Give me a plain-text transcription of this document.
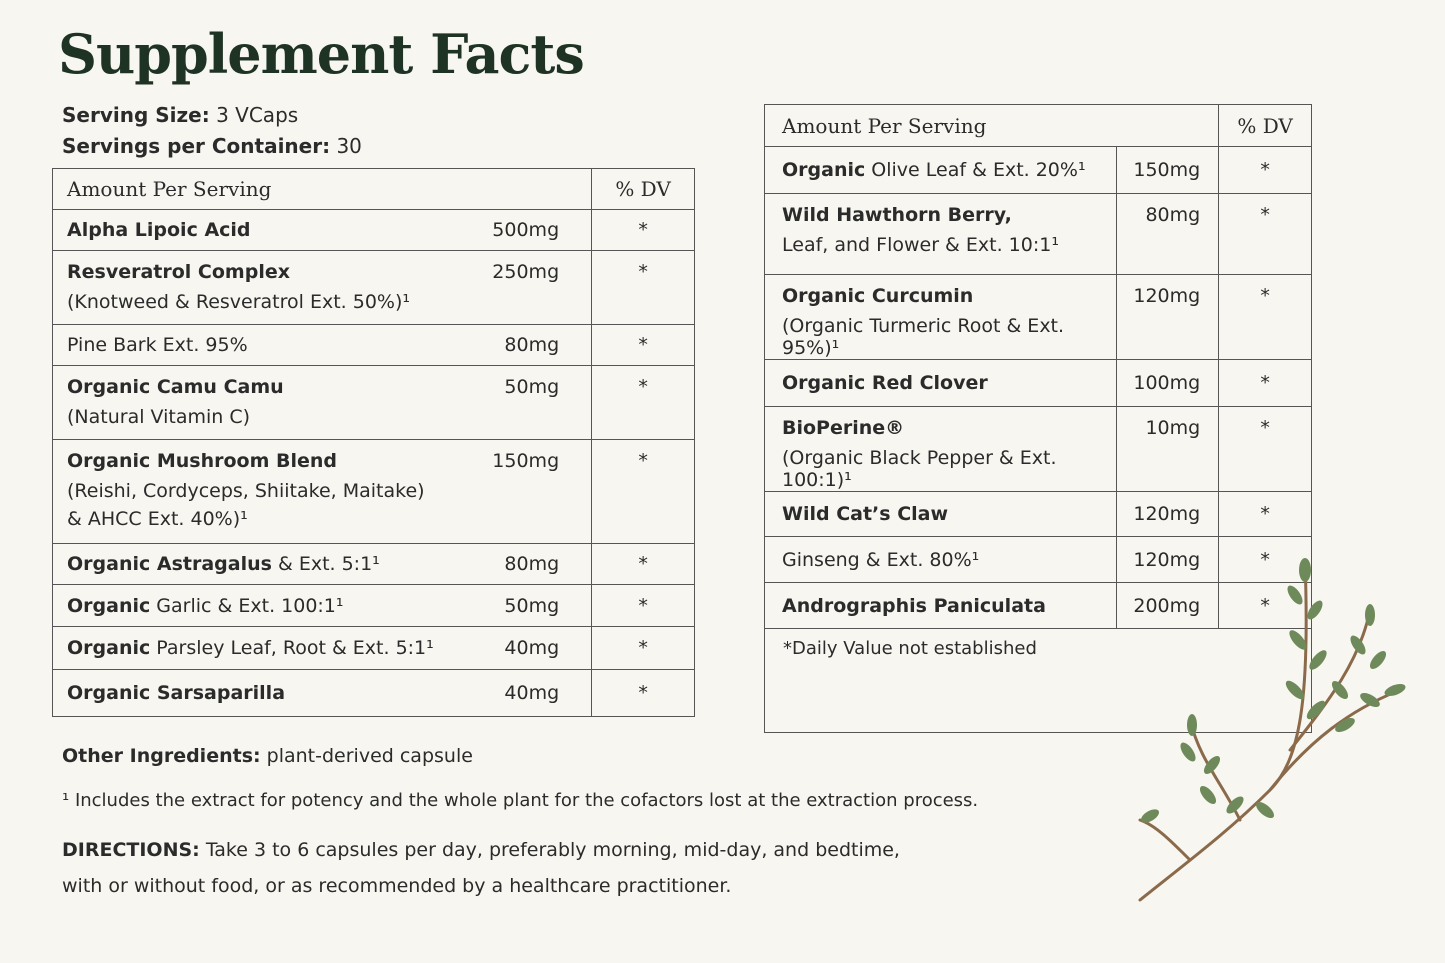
Supplement Facts
Serving Size: 3 VCaps
Servings per Container: 30
Amount Per Serving	% DV

Alpha Lipoic Acid 500mg	*

Resveratrol Complex
(Knotweed & Resveratrol Ext. 50%)¹
250mg	*

Pine Bark Ext. 95% 80mg	*

Organic Camu Camu
(Natural Vitamin C)
50mg	*

Organic Mushroom Blend
(Reishi, Cordyceps, Shiitake, Maitake)
& AHCC Ext. 40%)¹
150mg	*

Organic Astragalus & Ext. 5:1¹ 80mg	*

Organic Garlic & Ext. 100:1¹ 50mg	*

Organic Parsley Leaf, Root & Ext. 5:1¹ 40mg	*

Organic Sarsaparilla 40mg	*
Amount Per Serving		% DV

Organic Olive Leaf & Ext. 20%¹	150mg	*

Wild Hawthorn Berry,
Leaf, and Flower & Ext. 10:1¹	80mg	*

Organic Curcumin
(Organic Turmeric Root & Ext. 95%)¹	120mg	*

Organic Red Clover	100mg	*

BioPerine®
(Organic Black Pepper & Ext. 100:1)¹	10mg	*

Wild Cat’s Claw	120mg	*

Ginseng & Ext. 80%¹	120mg	*

Andrographis Paniculata	200mg	*

*Daily Value not established
Other Ingredients: plant-derived capsule
¹ Includes the extract for potency and the whole plant for the cofactors lost at the extraction process.
DIRECTIONS: Take 3 to 6 capsules per day, preferably morning, mid-day, and bedtime,
with or without food, or as recommended by a healthcare practitioner.
